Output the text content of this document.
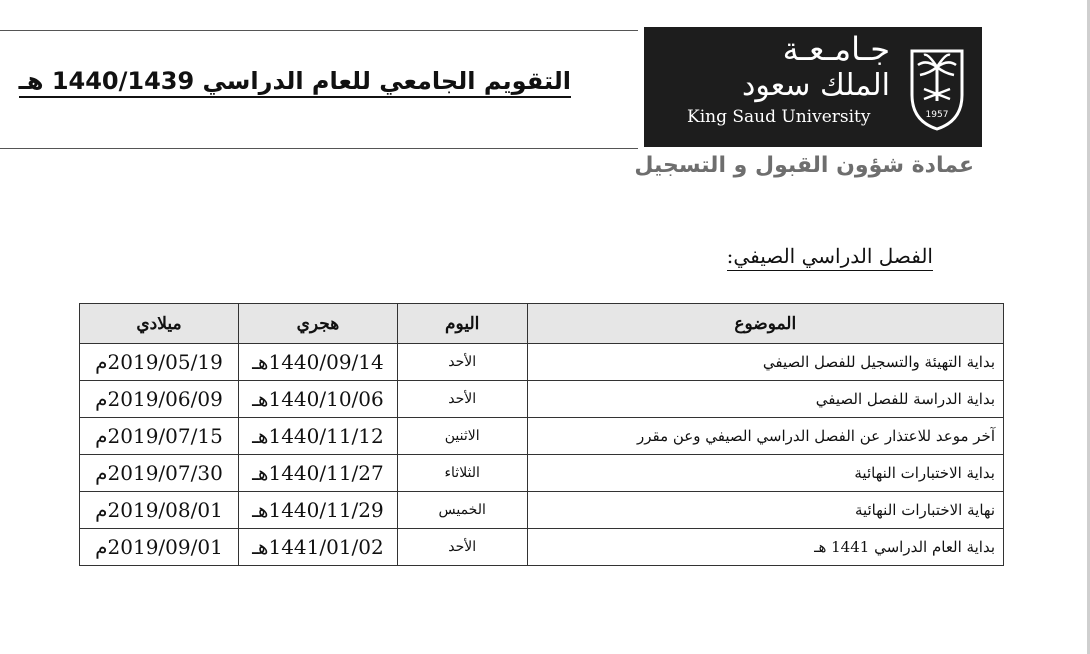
التقويم الجامعي للعام الدراسي 1440/1439 هـ
جـامـعـة
الملك سعود
King Saud University	1957
عمادة شؤون القبول و التسجيل
الفصل الدراسي الصيفي:
الموضوع	اليوم	هجري	ميلادي
بداية التهيئة والتسجيل للفصل الصيفي	الأحد	1440/09/14هـ	2019/05/19م
بداية الدراسة للفصل الصيفي	الأحد	1440/10/06هـ	2019/06/09م
آخر موعد للاعتذار عن الفصل الدراسي الصيفي وعن مقرر	الاثنين	1440/11/12هـ	2019/07/15م
بداية الاختبارات النهائية	الثلاثاء	1440/11/27هـ	2019/07/30م
نهاية الاختبارات النهائية	الخميس	1440/11/29هـ	2019/08/01م
بداية العام الدراسي 1441 هـ	الأحد	1441/01/02هـ	2019/09/01م
